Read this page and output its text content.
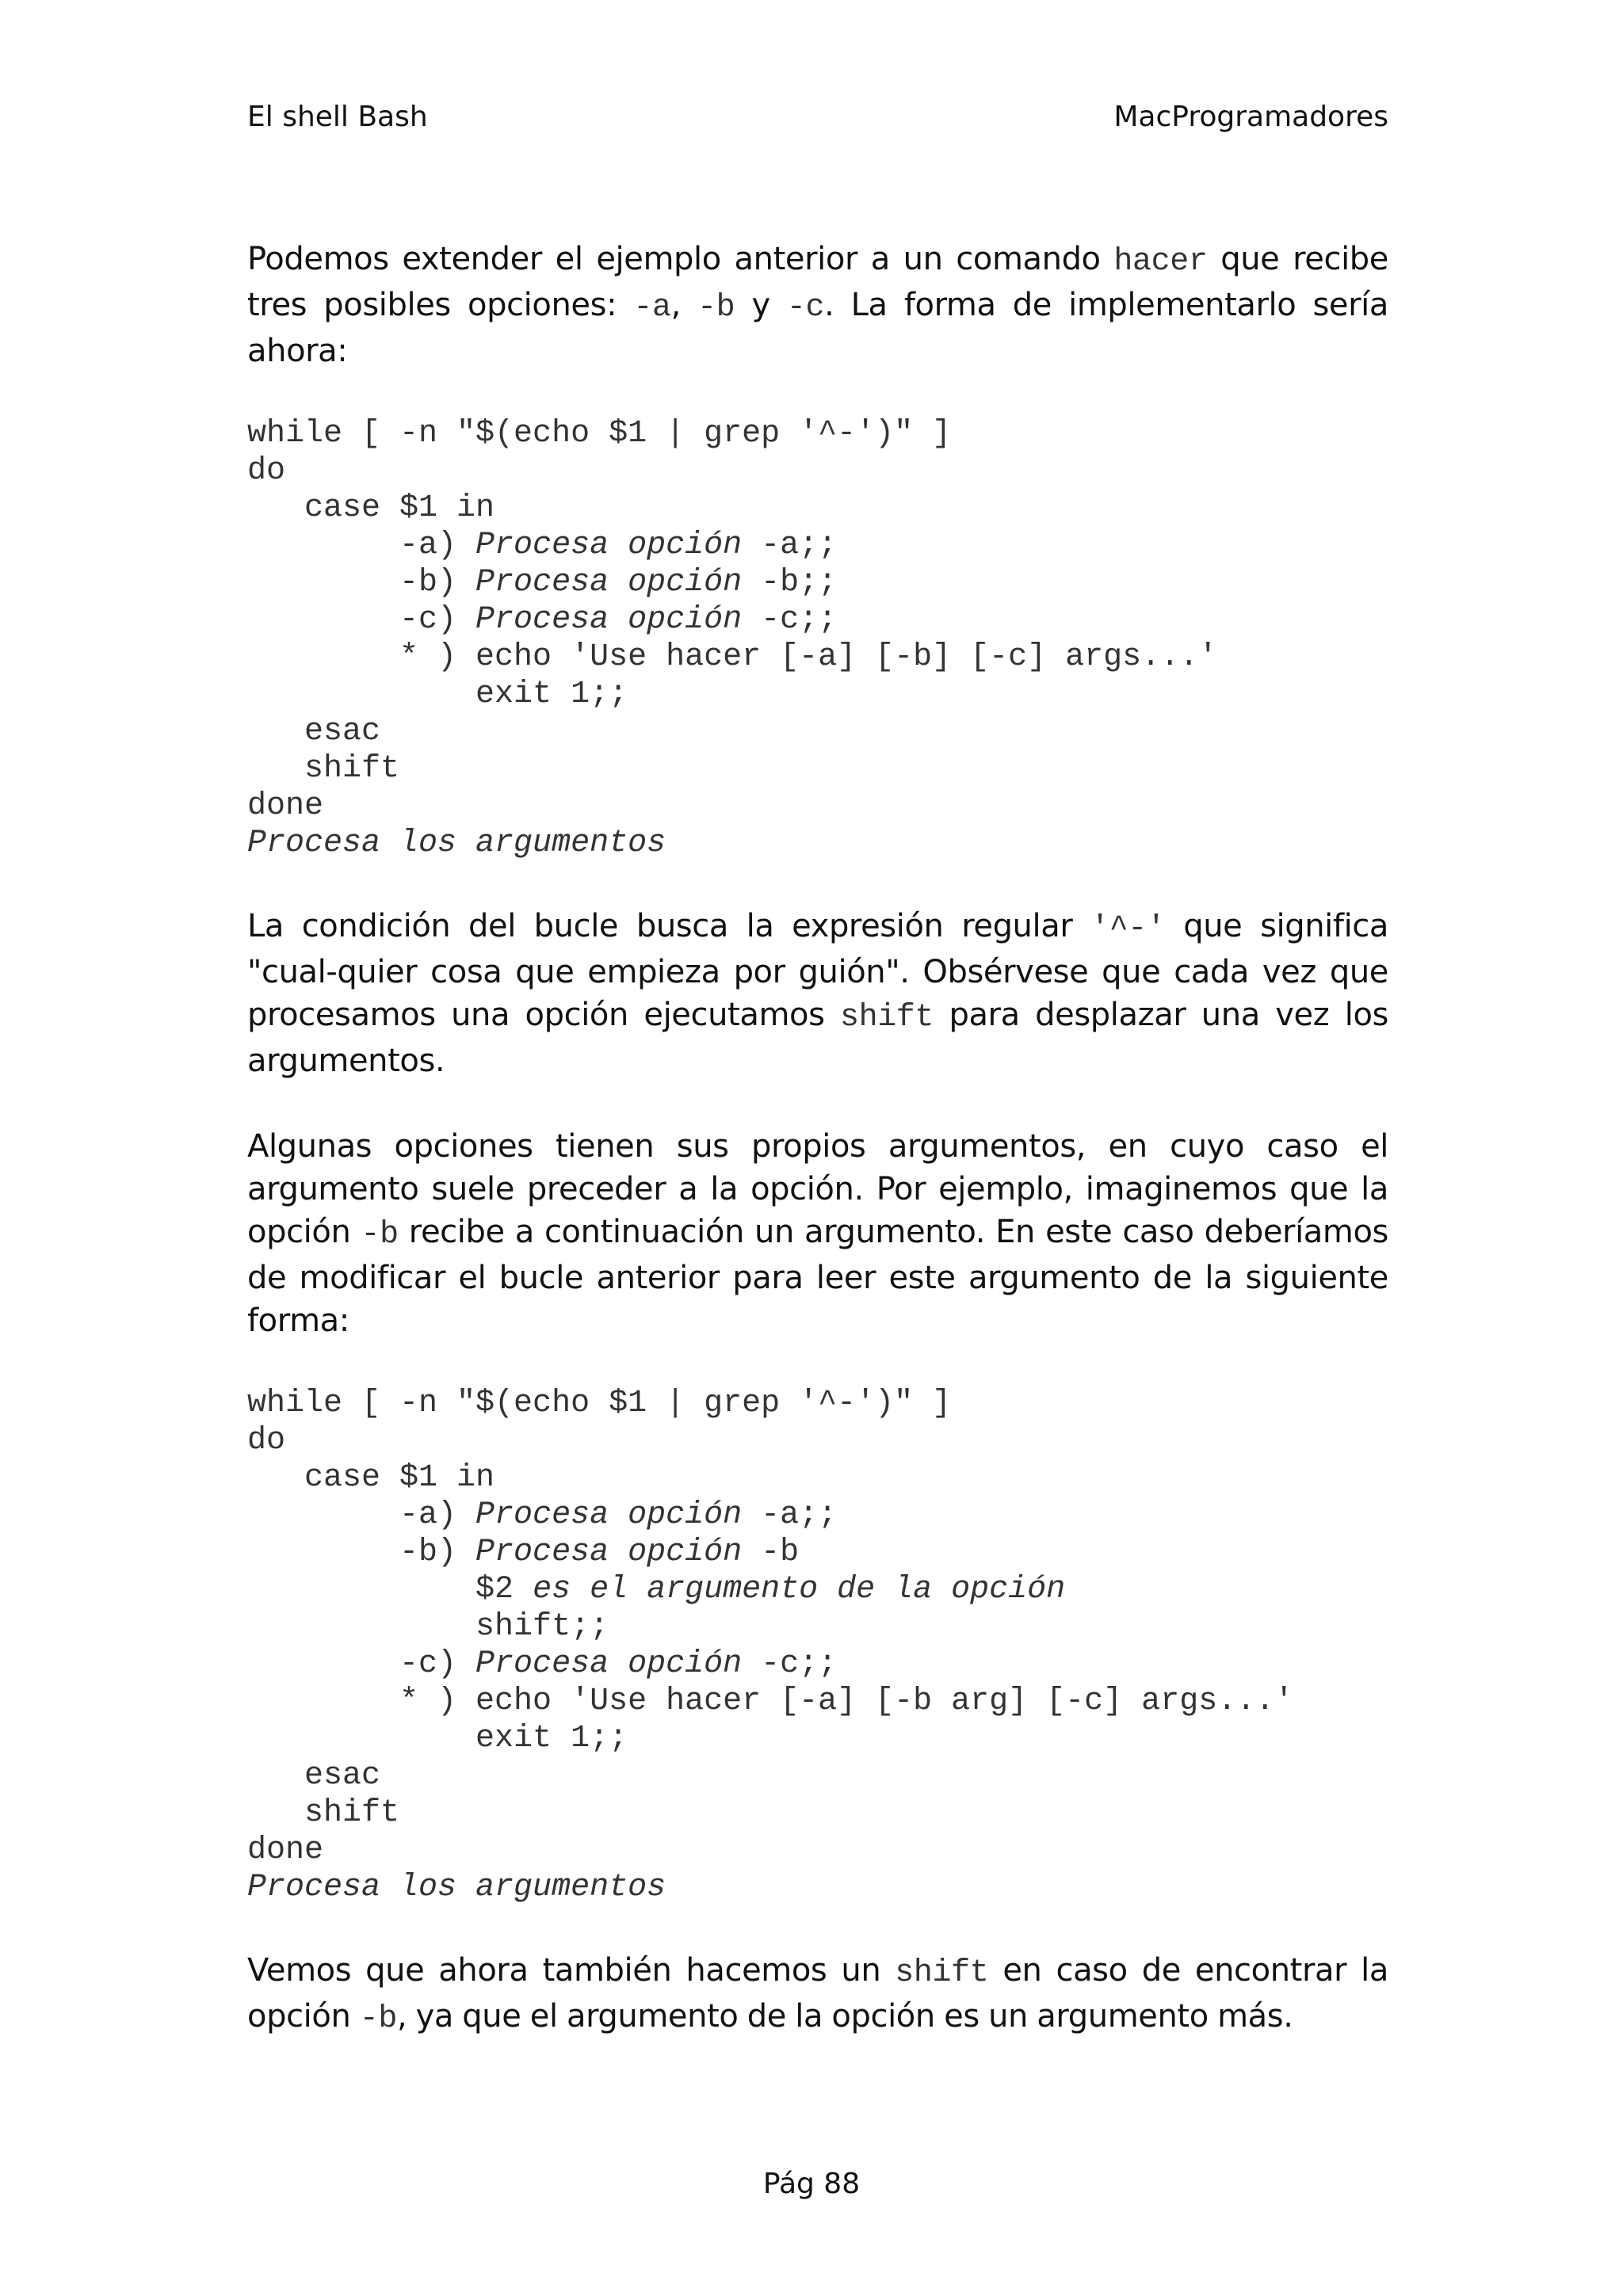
El shell Bash	MacProgramadores

Podemos extender el ejemplo anterior a un comando hacer que recibe tres posibles opciones: -a, -b y -c. La forma de implementarlo sería ahora:

while [ -n "$(echo $1 | grep '^-')" ]
do
case $1 in
-a) Procesa opción -a;;
-b) Procesa opción -b;;
-c) Procesa opción -c;;
* ) echo 'Use hacer [-a] [-b] [-c] args...'
exit 1;;
esac
shift
done
Procesa los argumentos

La condición del bucle busca la expresión regular '^-' que significa "cual-quier cosa que empieza por guión". Obsérvese que cada vez que procesamos una opción ejecutamos shift para desplazar una vez los argumentos.

Algunas opciones tienen sus propios argumentos, en cuyo caso el argumento suele preceder a la opción. Por ejemplo, imaginemos que la opción -b recibe a continuación un argumento. En este caso deberíamos de modificar el bucle anterior para leer este argumento de la siguiente forma:

while [ -n "$(echo $1 | grep '^-')" ]
do
case $1 in
-a) Procesa opción -a;;
-b) Procesa opción -b
$2 es el argumento de la opción
shift;;
-c) Procesa opción -c;;
* ) echo 'Use hacer [-a] [-b arg] [-c] args...'
exit 1;;
esac
shift
done
Procesa los argumentos

Vemos que ahora también hacemos un shift en caso de encontrar la opción -b, ya que el argumento de la opción es un argumento más.

Pág 88
